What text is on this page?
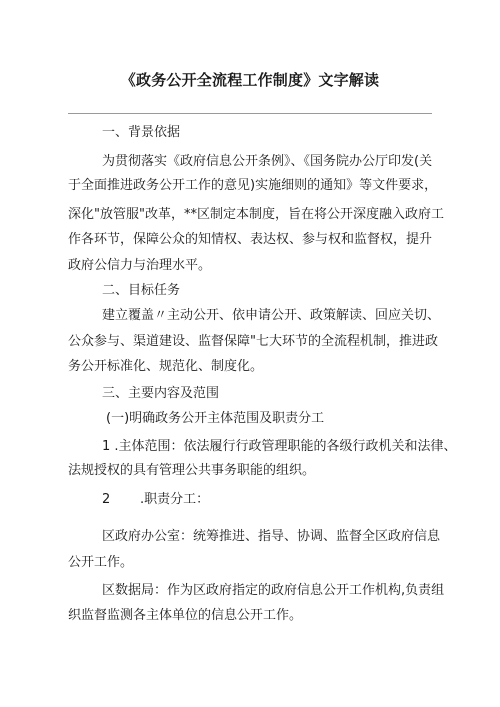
《政务公开全流程工作制度》文字解读
一、背景依据
为贯彻落实《政府信息公开条例》、《国务院办公厅印发(关
于全面推进政务公开工作的意见)实施细则的通知》等文件要求，
深化"放管服"改革，**区制定本制度，旨在将公开深度融入政府工
作各环节，保障公众的知情权、表达权、参与权和监督权，提升
政府公信力与治理水平。
二、目标任务
建立覆盖〃主动公开、依申请公开、政策解读、回应关切、
公众参与、渠道建设、监督保障"七大环节的全流程机制，推进政
务公开标准化、规范化、制度化。
三、主要内容及范围
(一)明确政务公开主体范围及职责分工
1 .主体范围：依法履行行政管理职能的各级行政机关和法律、
法规授权的具有管理公共事务职能的组织。
2 .职责分工：
区政府办公室：统筹推进、指导、协调、监督全区政府信息
公开工作。
区数据局：作为区政府指定的政府信息公开工作机构,负责组
织监督监测各主体单位的信息公开工作。
